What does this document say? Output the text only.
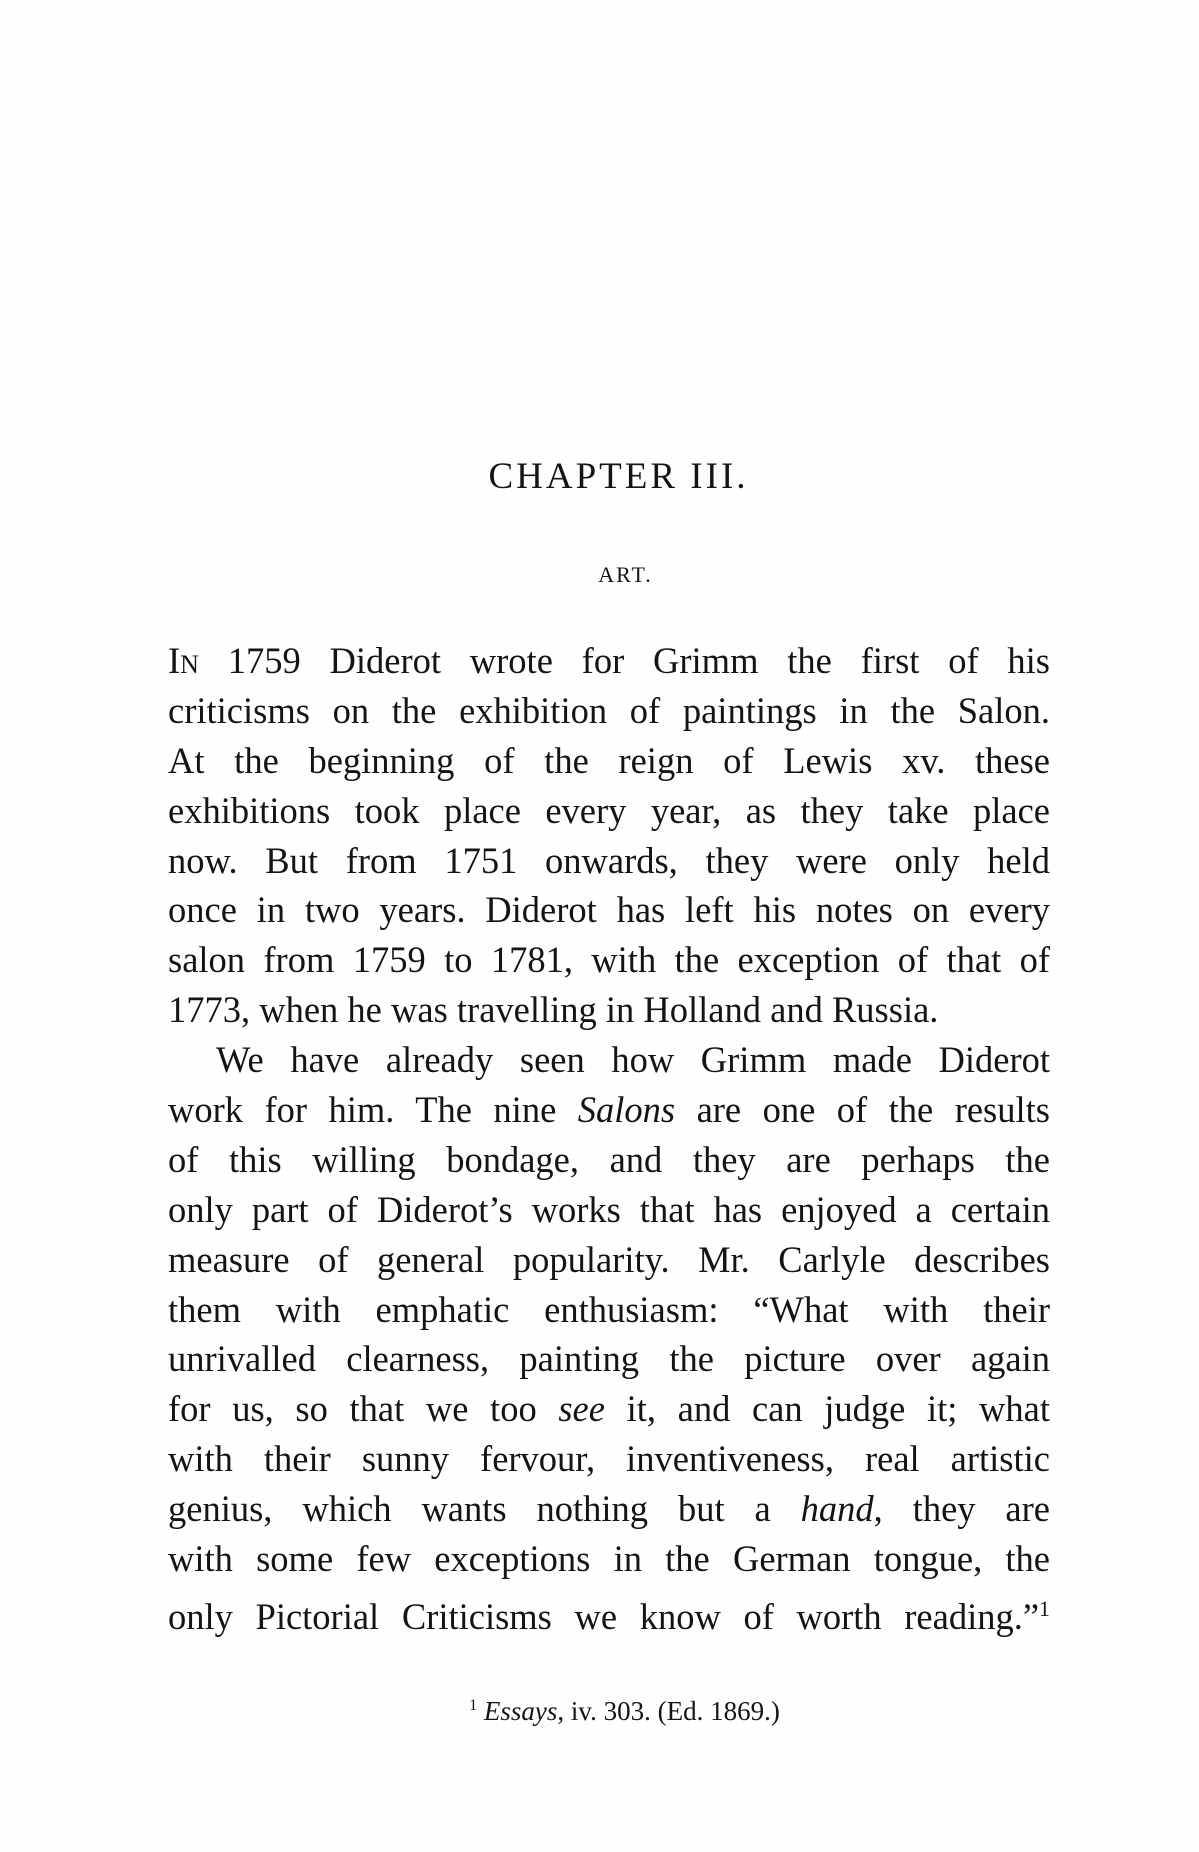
CHAPTER III.
ART.
In 1759 Diderot wrote for Grimm the first of his
criticisms on the exhibition of paintings in the Salon.
At the beginning of the reign of Lewis xv. these
exhibitions took place every year, as they take place
now. But from 1751 onwards, they were only held
once in two years. Diderot has left his notes on every
salon from 1759 to 1781, with the exception of that of
1773, when he was travelling in Holland and Russia.
We have already seen how Grimm made Diderot
work for him. The nine Salons are one of the results
of this willing bondage, and they are perhaps the
only part of Diderot’s works that has enjoyed a certain
measure of general popularity. Mr. Carlyle describes
them with emphatic enthusiasm: “What with their
unrivalled clearness, painting the picture over again
for us, so that we too see it, and can judge it; what
with their sunny fervour, inventiveness, real artistic
genius, which wants nothing but a hand, they are
with some few exceptions in the German tongue, the
only Pictorial Criticisms we know of worth reading.”$^1$
$^1$ Essays, iv. 303. (Ed. 1869.)
